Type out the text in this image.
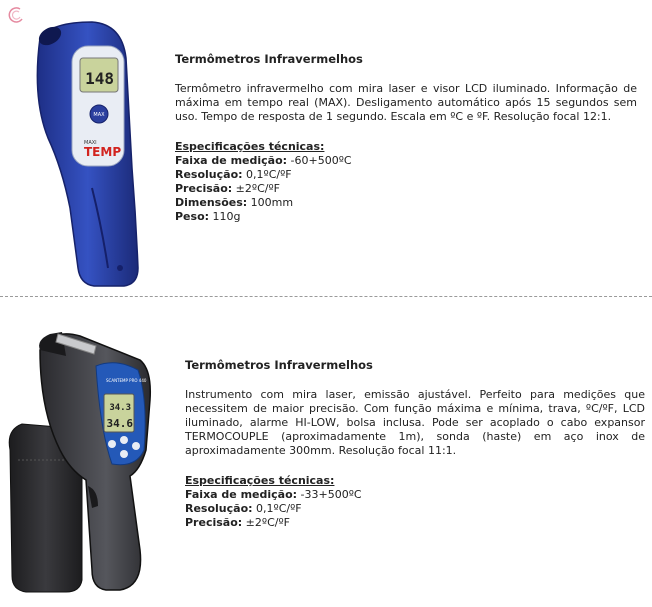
148
MAX
MAXI
TEMP
Termômetros Infravermelhos
Termômetro infravermelho com mira laser e visor LCD iluminado. Informação de máxima em tempo real (MAX). Desligamento automático após 15 segundos sem uso. Tempo de resposta de 1 segundo. Escala em ºC e ºF. Resolução focal 12:1.
Especificações técnicas:
Faixa de medição: -60+500ºC
Resolução: 0,1ºC/ºF
Precisão: ±2ºC/ºF
Dimensões: 100mm
Peso: 110g
34.3
34.6
SCANTEMP PRO 440
Termômetros Infravermelhos
Instrumento com mira laser, emissão ajustável. Perfeito para medições que necessitem de maior precisão. Com função máxima e mínima, trava, ºC/ºF, LCD iluminado, alarme HI-LOW, bolsa inclusa. Pode ser acoplado o cabo expansor TERMOCOUPLE (aproximadamente 1m), sonda (haste) em aço inox de aproximadamente 300mm. Resolução focal 11:1.
Especificações técnicas:
Faixa de medição: -33+500ºC
Resolução: 0,1ºC/ºF
Precisão: ±2ºC/ºF
